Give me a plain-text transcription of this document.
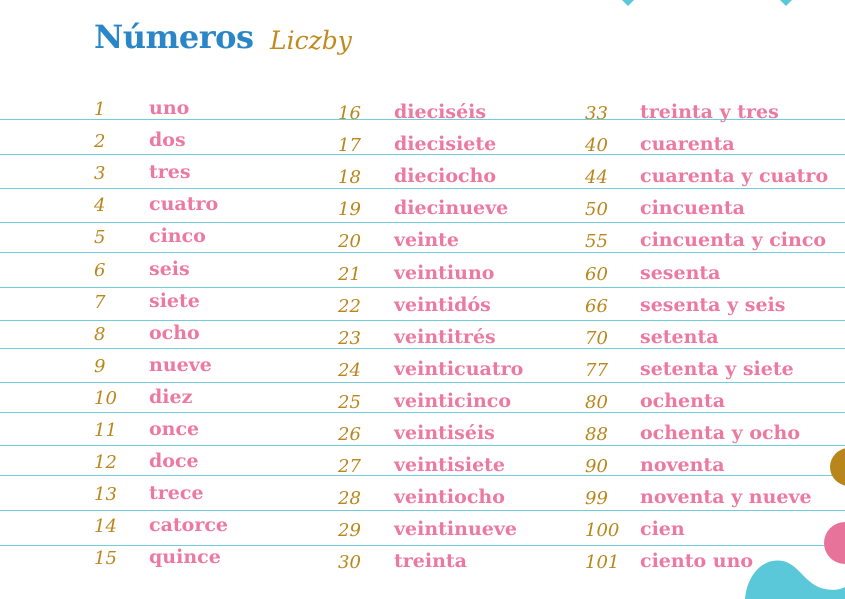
Números Liczby
1 uno
2 dos
3 tres
4 cuatro
5 cinco
6 seis
7 siete
8 ocho
9 nueve
10 diez
11 once
12 doce
13 trece
14 catorce
15 quince
16 dieciséis
17 diecisiete
18 dieciocho
19 diecinueve
20 veinte
21 veintiuno
22 veintidós
23 veintitrés
24 veinticuatro
25 veinticinco
26 veintiséis
27 veintisiete
28 veintiocho
29 veintinueve
30 treinta
33 treinta y tres
40 cuarenta
44 cuarenta y cuatro
50 cincuenta
55 cincuenta y cinco
60 sesenta
66 sesenta y seis
70 setenta
77 setenta y siete
80 ochenta
88 ochenta y ocho
90 noventa
99 noventa y nueve
100 cien
101 ciento uno
